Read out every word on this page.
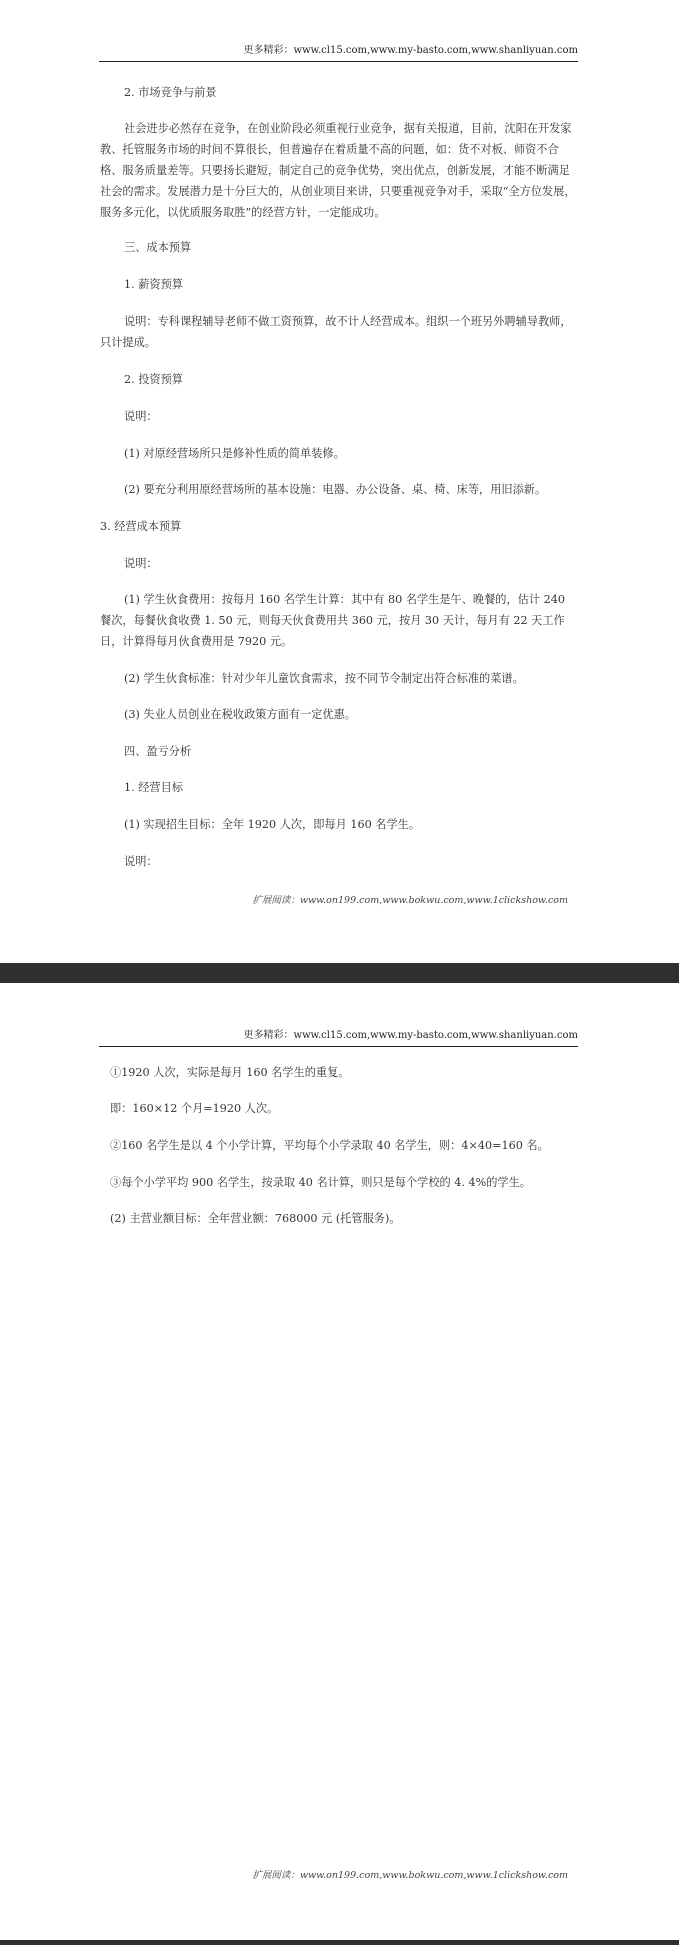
更多精彩：www.cl15.com,www.my-basto.com,www.shanliyuan.com

2. 市场竞争与前景

社会进步必然存在竞争，在创业阶段必须重视行业竞争，据有关报道，目前，沈阳在开发家教、托管服务市场的时间不算很长，但普遍存在着质量不高的问题，如：货不对板、师资不合格、服务质量差等。只要扬长避短，制定自己的竞争优势，突出优点，创新发展，才能不断满足社会的需求。发展潜力是十分巨大的，从创业项目来讲，只要重视竞争对手，采取“全方位发展，服务多元化，以优质服务取胜”的经营方针，一定能成功。

三、成本预算

1. 薪资预算

说明：专科课程辅导老师不做工资预算，故不计人经营成本。组织一个班另外聘辅导教师，只计提成。

2. 投资预算

说明：

(1) 对原经营场所只是修补性质的简单装修。

(2) 要充分利用原经营场所的基本设施：电器、办公设备、桌、椅、床等，用旧添新。

3. 经营成本预算

说明：

(1) 学生伙食费用：按每月 160 名学生计算：其中有 80 名学生是午、晚餐的，估计 240 餐次，每餐伙食收费 1. 50 元，则每天伙食费用共 360 元，按月 30 天计，每月有 22 天工作日，计算得每月伙食费用是 7920 元。

(2) 学生伙食标准：针对少年儿童饮食需求，按不同节令制定出符合标准的菜谱。

(3) 失业人员创业在税收政策方面有一定优惠。

四、盈亏分析

1. 经营目标

(1) 实现招生目标：全年 1920 人次，即每月 160 名学生。

说明：

扩展阅读：www.on199.com,www.bokwu.com,www.1clickshow.com
更多精彩：www.cl15.com,www.my-basto.com,www.shanliyuan.com

①1920 人次，实际是每月 160 名学生的重复。

即：160×12 个月=1920 人次。

②160 名学生是以 4 个小学计算，平均每个小学录取 40 名学生，则：4×40=160 名。

③每个小学平均 900 名学生，按录取 40 名计算，则只是每个学校的 4. 4%的学生。

(2) 主营业额目标：全年营业额：768000 元 (托管服务)。

扩展阅读：www.on199.com,www.bokwu.com,www.1clickshow.com
